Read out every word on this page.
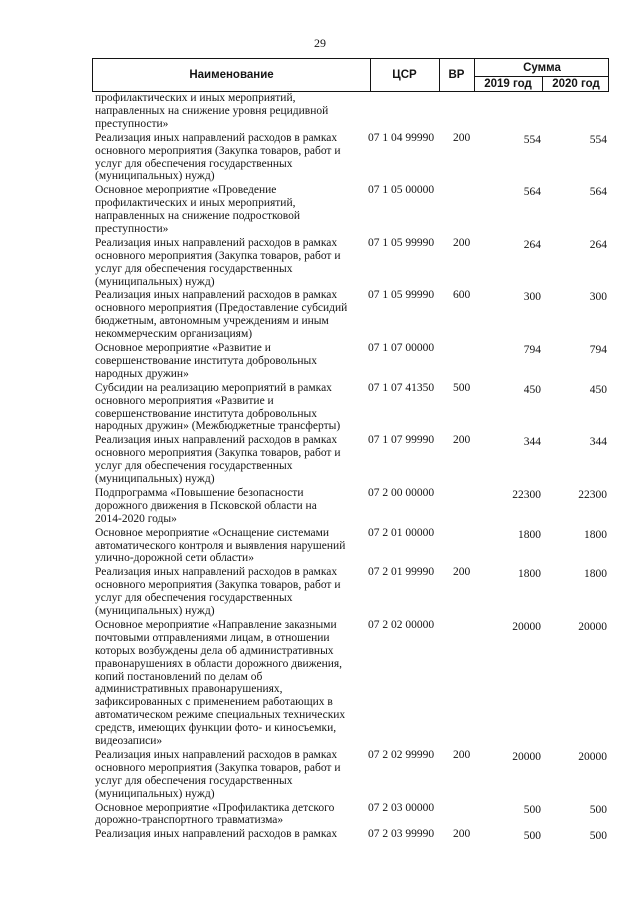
29
Наименование	ЦСР	ВР
Сумма
2019 год	2020 год
профилактических и иных мероприятий,
направленных на снижение уровня рецидивной
преступности»
Реализация иных направлений расходов в рамках
основного мероприятия (Закупка товаров, работ и
услуг для обеспечения государственных
(муниципальных) нужд)
07 1 04 99990 200	554	554
Основное мероприятие «Проведение
профилактических и иных мероприятий,
направленных на снижение подростковой
преступности»
07 1 05 00000	564	564
Реализация иных направлений расходов в рамках
основного мероприятия (Закупка товаров, работ и
услуг для обеспечения государственных
(муниципальных) нужд)
07 1 05 99990 200	264	264
Реализация иных направлений расходов в рамках
основного мероприятия (Предоставление субсидий
бюджетным, автономным учреждениям и иным
некоммерческим организациям)
07 1 05 99990 600	300	300
Основное мероприятие «Развитие и
совершенствование института добровольных
народных дружин»
07 1 07 00000	794	794
Субсидии на реализацию мероприятий в рамках
основного мероприятия «Развитие и
совершенствование института добровольных
народных дружин» (Межбюджетные трансферты)
07 1 07 41350 500	450	450
Реализация иных направлений расходов в рамках
основного мероприятия (Закупка товаров, работ и
услуг для обеспечения государственных
(муниципальных) нужд)
07 1 07 99990 200	344	344
Подпрограмма «Повышение безопасности
дорожного движения в Псковской области на
2014-2020 годы»
07 2 00 00000	22300	22300
Основное мероприятие «Оснащение системами
автоматического контроля и выявления нарушений
улично-дорожной сети области»
07 2 01 00000	1800	1800
Реализация иных направлений расходов в рамках
основного мероприятия (Закупка товаров, работ и
услуг для обеспечения государственных
(муниципальных) нужд)
07 2 01 99990 200	1800	1800
Основное мероприятие «Направление заказными
почтовыми отправлениями лицам, в отношении
которых возбуждены дела об административных
правонарушениях в области дорожного движения,
копий постановлений по делам об
административных правонарушениях,
зафиксированных с применением работающих в
автоматическом режиме специальных технических
средств, имеющих функции фото- и киносъемки,
видеозаписи»
07 2 02 00000	20000	20000
Реализация иных направлений расходов в рамках
основного мероприятия (Закупка товаров, работ и
услуг для обеспечения государственных
(муниципальных) нужд)
07 2 02 99990 200	20000	20000
Основное мероприятие «Профилактика детского
дорожно-транспортного травматизма»
07 2 03 00000	500	500
Реализация иных направлений расходов в рамках	07 2 03 99990 200	500	500
